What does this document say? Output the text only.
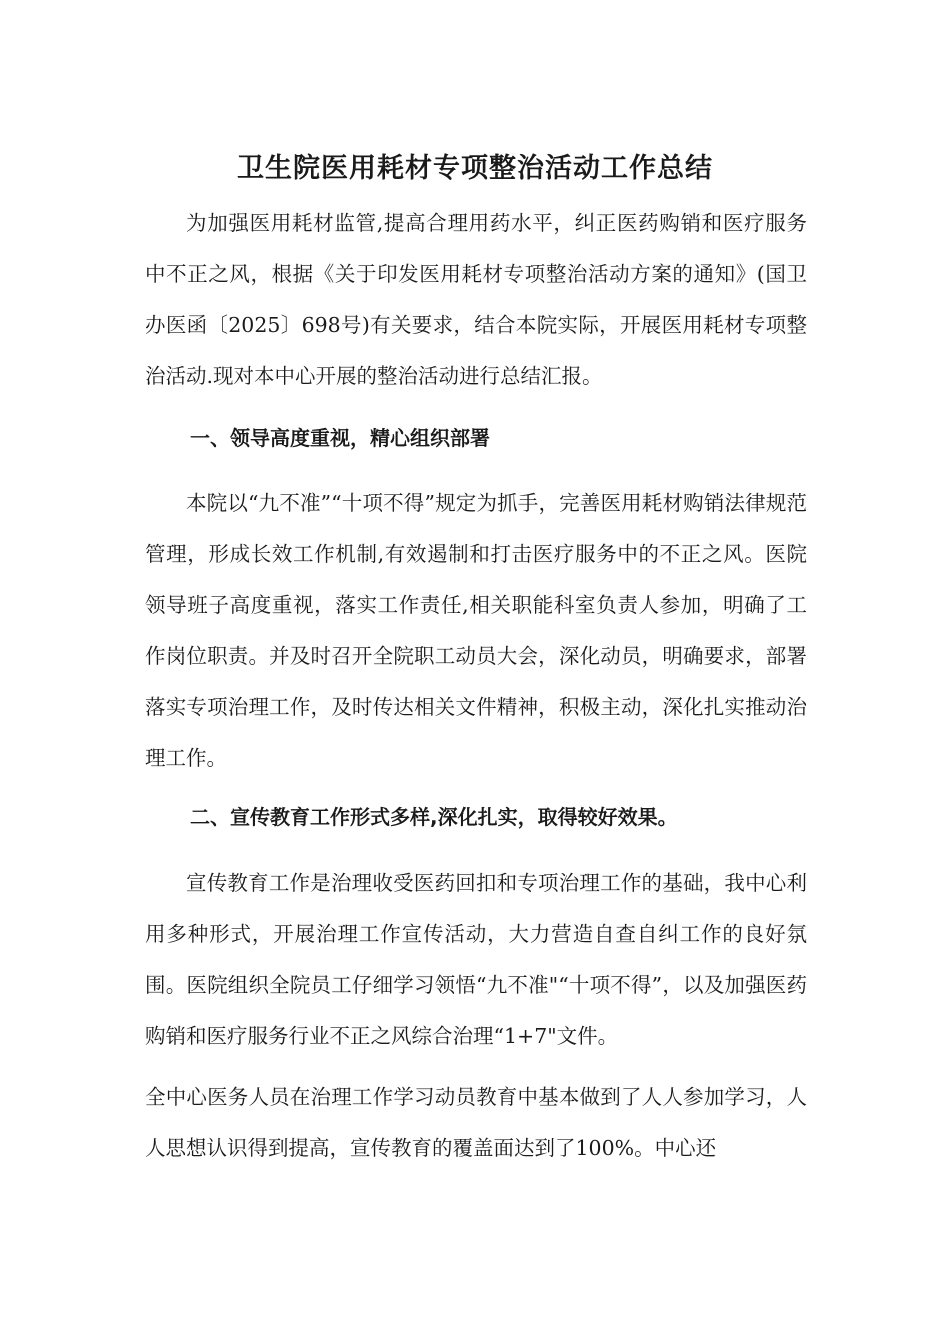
卫生院医用耗材专项整治活动工作总结

为加强医用耗材监管,提高合理用药水平，纠正医药购销和医疗服务中不正之风，根据《关于印发医用耗材专项整治活动方案的通知》(国卫办医函〔2025〕698号)有关要求，结合本院实际，开展医用耗材专项整治活动.现对本中心开展的整治活动进行总结汇报。

一、领导高度重视，精心组织部署

本院以“九不准”“十项不得”规定为抓手，完善医用耗材购销法律规范管理，形成长效工作机制,有效遏制和打击医疗服务中的不正之风。医院领导班子高度重视，落实工作责任,相关职能科室负责人参加，明确了工作岗位职责。并及时召开全院职工动员大会，深化动员，明确要求，部署落实专项治理工作，及时传达相关文件精神，积极主动，深化扎实推动治理工作。

二、宣传教育工作形式多样,深化扎实，取得较好效果。

宣传教育工作是治理收受医药回扣和专项治理工作的基础，我中心利用多种形式，开展治理工作宣传活动，大力营造自查自纠工作的良好氛围。医院组织全院员工仔细学习领悟“九不准"“十项不得”，以及加强医药购销和医疗服务行业不正之风综合治理“1+7"文件。

全中心医务人员在治理工作学习动员教育中基本做到了人人参加学习，人人思想认识得到提高，宣传教育的覆盖面达到了100%。中心还
